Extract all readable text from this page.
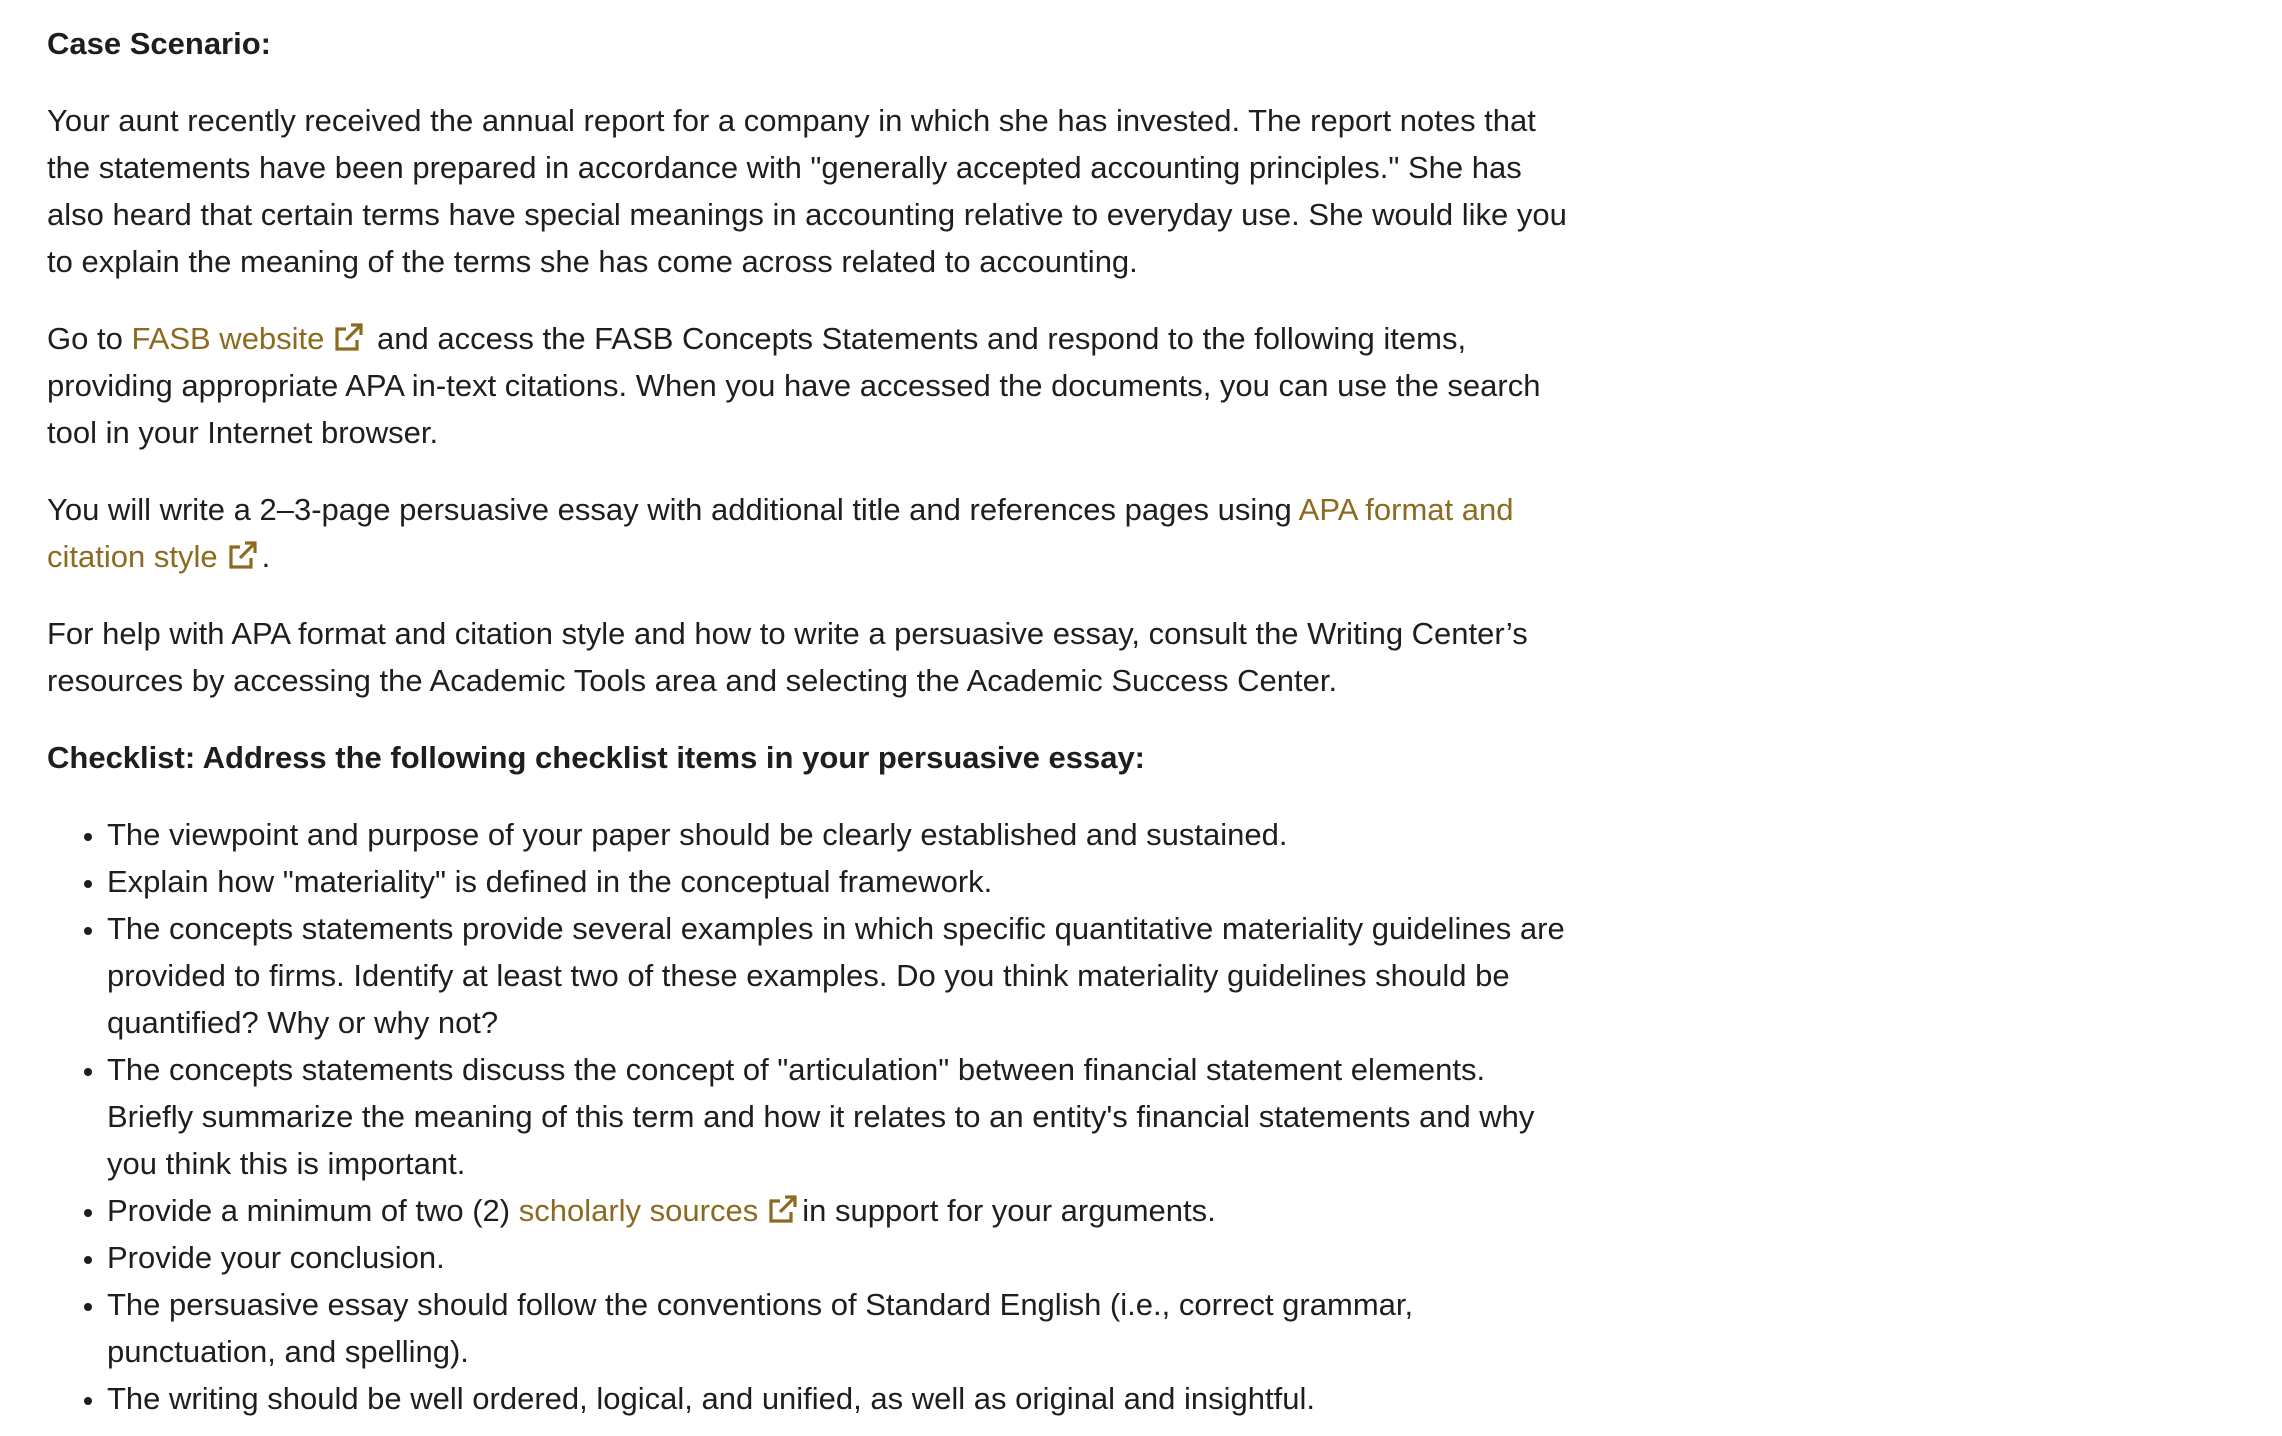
Case Scenario:

Your aunt recently received the annual report for a company in which she has invested. The report notes that the statements have been prepared in accordance with "generally accepted accounting principles." She has also heard that certain terms have special meanings in accounting relative to everyday use. She would like you to explain the meaning of the terms she has come across related to accounting.

Go to FASB website and access the FASB Concepts Statements and respond to the following items, providing appropriate APA in-text citations. When you have accessed the documents, you can use the search tool in your Internet browser.

You will write a 2–3-page persuasive essay with additional title and references pages using APA format and citation style .

For help with APA format and citation style and how to write a persuasive essay, consult the Writing Center’s resources by accessing the Academic Tools area and selecting the Academic Success Center.

Checklist: Address the following checklist items in your persuasive essay:
• The viewpoint and purpose of your paper should be clearly established and sustained.
• Explain how "materiality" is defined in the conceptual framework.
• The concepts statements provide several examples in which specific quantitative materiality guidelines are provided to firms. Identify at least two of these examples. Do you think materiality guidelines should be quantified? Why or why not?
• The concepts statements discuss the concept of "articulation" between financial statement elements. Briefly summarize the meaning of this term and how it relates to an entity's financial statements and why you think this is important.
• Provide a minimum of two (2) scholarly sources in support for your arguments.
• Provide your conclusion.
• The persuasive essay should follow the conventions of Standard English (i.e., correct grammar, punctuation, and spelling).
• The writing should be well ordered, logical, and unified, as well as original and insightful.
